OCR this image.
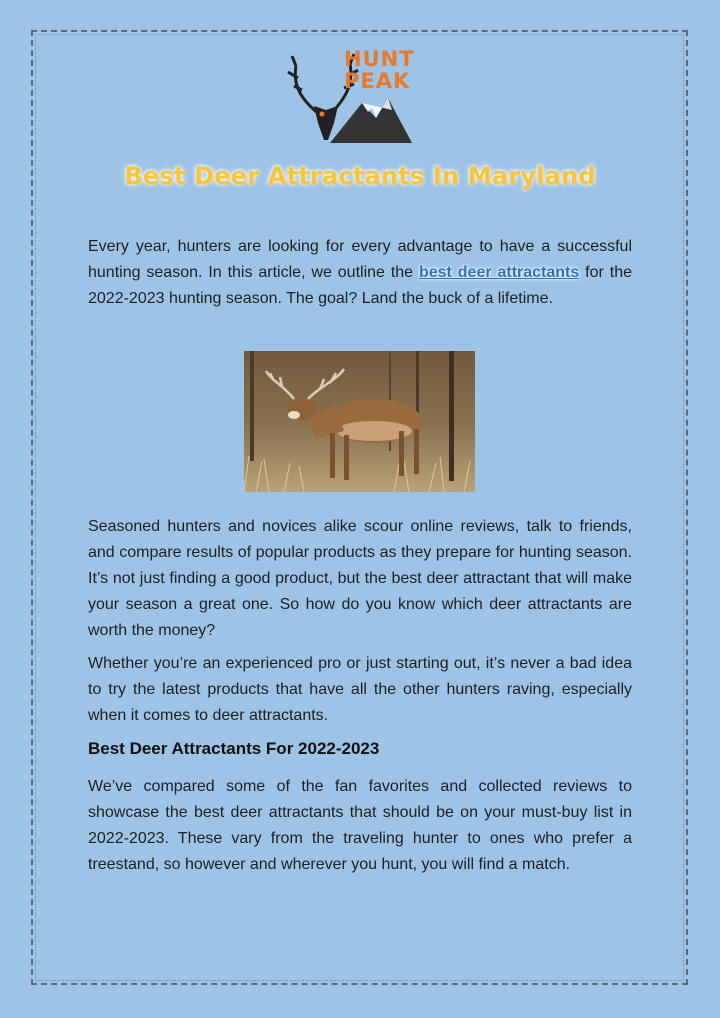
HUNT
PEAK
Best Deer Attractants In Maryland

Every year, hunters are looking for every advantage to have a successful hunting season. In this article, we outline the best deer attractants for the 2022-2023 hunting season. The goal? Land the buck of a lifetime.

Seasoned hunters and novices alike scour online reviews, talk to friends, and compare results of popular products as they prepare for hunting season. It’s not just finding a good product, but the best deer attractant that will make your season a great one. So how do you know which deer attractants are worth the money?

Whether you’re an experienced pro or just starting out, it’s never a bad idea to try the latest products that have all the other hunters raving, especially when it comes to deer attractants.

Best Deer Attractants For 2022-2023

We’ve compared some of the fan favorites and collected reviews to showcase the best deer attractants that should be on your must-buy list in 2022-2023. These vary from the traveling hunter to ones who prefer a treestand, so however and wherever you hunt, you will find a match.
